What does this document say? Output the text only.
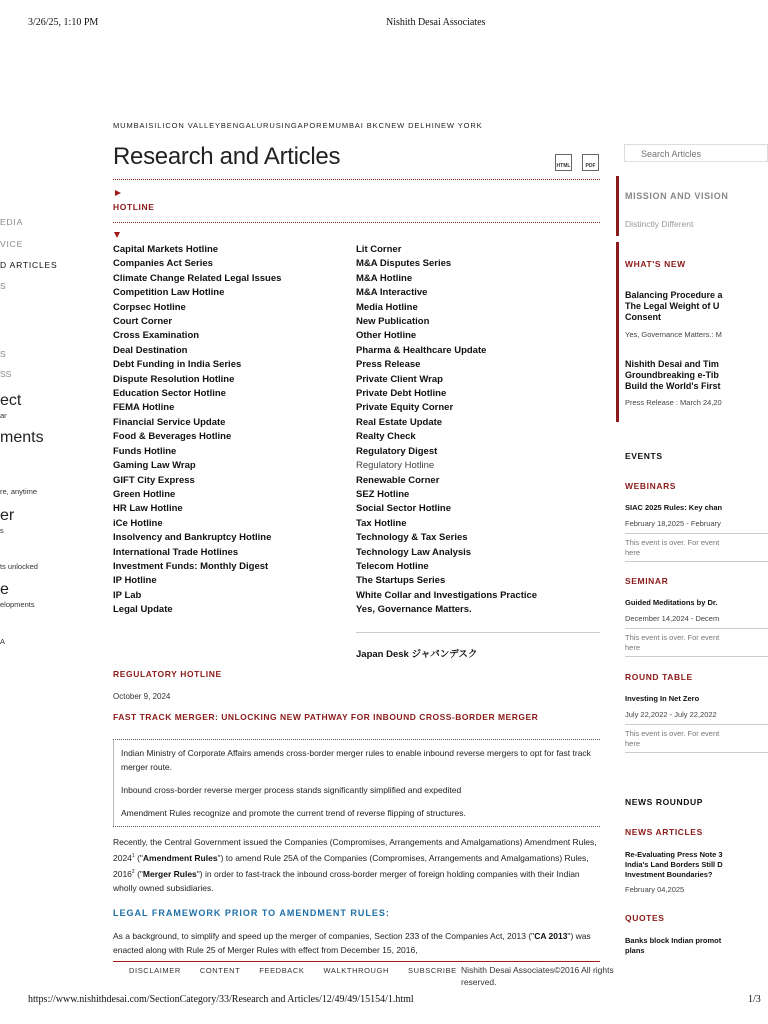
3/26/25, 1:10 PM	Nishith Desai Associates
MUMBAI SILICON VALLEY BENGALURU SINGAPORE MUMBAI BKC NEW DELHI NEW YORK
Research and Articles	HTML	PDF
HOTLINE
Capital Markets Hotline
Companies Act Series
Climate Change Related Legal Issues
Competition Law Hotline
Corpsec Hotline
Court Corner
Cross Examination
Deal Destination
Debt Funding in India Series
Dispute Resolution Hotline
Education Sector Hotline
FEMA Hotline
Financial Service Update
Food & Beverages Hotline
Funds Hotline
Gaming Law Wrap
GIFT City Express
Green Hotline
HR Law Hotline
iCe Hotline
Insolvency and Bankruptcy Hotline
International Trade Hotlines
Investment Funds: Monthly Digest
IP Hotline
IP Lab
Legal Update
Lit Corner
M&A Disputes Series
M&A Hotline
M&A Interactive
Media Hotline
New Publication
Other Hotline
Pharma & Healthcare Update
Press Release
Private Client Wrap
Private Debt Hotline
Private Equity Corner
Real Estate Update
Realty Check
Regulatory Digest
Regulatory Hotline
Renewable Corner
SEZ Hotline
Social Sector Hotline
Tax Hotline
Technology & Tax Series
Technology Law Analysis
Telecom Hotline
The Startups Series
White Collar and Investigations Practice
Yes, Governance Matters.
Japan Desk ジャパンデスク
REGULATORY HOTLINE
October 9, 2024
FAST TRACK MERGER: UNLOCKING NEW PATHWAY FOR INBOUND CROSS-BORDER MERGER

Indian Ministry of Corporate Affairs amends cross-border merger rules to enable inbound reverse mergers to opt for fast track merger route.

Inbound cross-border reverse merger process stands significantly simplified and expedited

Amendment Rules recognize and promote the current trend of reverse flipping of structures.

Recently, the Central Government issued the Companies (Compromises, Arrangements and Amalgamations) Amendment Rules, 2024$^1$ ("Amendment Rules") to amend Rule 25A of the Companies (Compromises, Arrangements and Amalgamations) Rules, 2016$^2$ ("Merger Rules") in order to fast-track the inbound cross-border merger of foreign holding companies with their Indian wholly owned subsidiaries.
LEGAL FRAMEWORK PRIOR TO AMENDMENT RULES:
As a background, to simplify and speed up the merger of companies, Section 233 of the Companies Act, 2013 ("CA 2013") was enacted along with Rule 25 of Merger Rules with effect from December 15, 2016,
DISCLAIMER	CONTENT	FEEDBACK	WALKTHROUGH	SUBSCRIBE Nishith Desai Associates©2016 All rights reserved.
https://www.nishithdesai.com/SectionCategory/33/Research and Articles/12/49/49/15154/1.html	1/3
EDIA
VICE
D ARTICLES
S
S
SS
ect
ar
ments
re, anytime
er
s
ts unlocked
e
elopments
A
Search Articles
MISSION AND VISION
Distinctly Different
WHAT'S NEW
Balancing Procedure a
The Legal Weight of U
Consent
Yes, Governance Matters.: M
Nishith Desai and Tim
Groundbreaking e-Tib
Build the World's First
Press Release : March 24,20
EVENTS
WEBINARS
SIAC 2025 Rules: Key chan
February 18,2025 - February
This event is over. For event
here
SEMINAR
Guided Meditations by Dr.
December 14,2024 - Decem
This event is over. For event
here
ROUND TABLE
Investing In Net Zero
July 22,2022 - July 22,2022
This event is over. For event
here
NEWS ROUNDUP
NEWS ARTICLES
Re-Evaluating Press Note 3
India's Land Borders Still D
Investment Boundaries?
February 04,2025
QUOTES
Banks block Indian promot
plans
